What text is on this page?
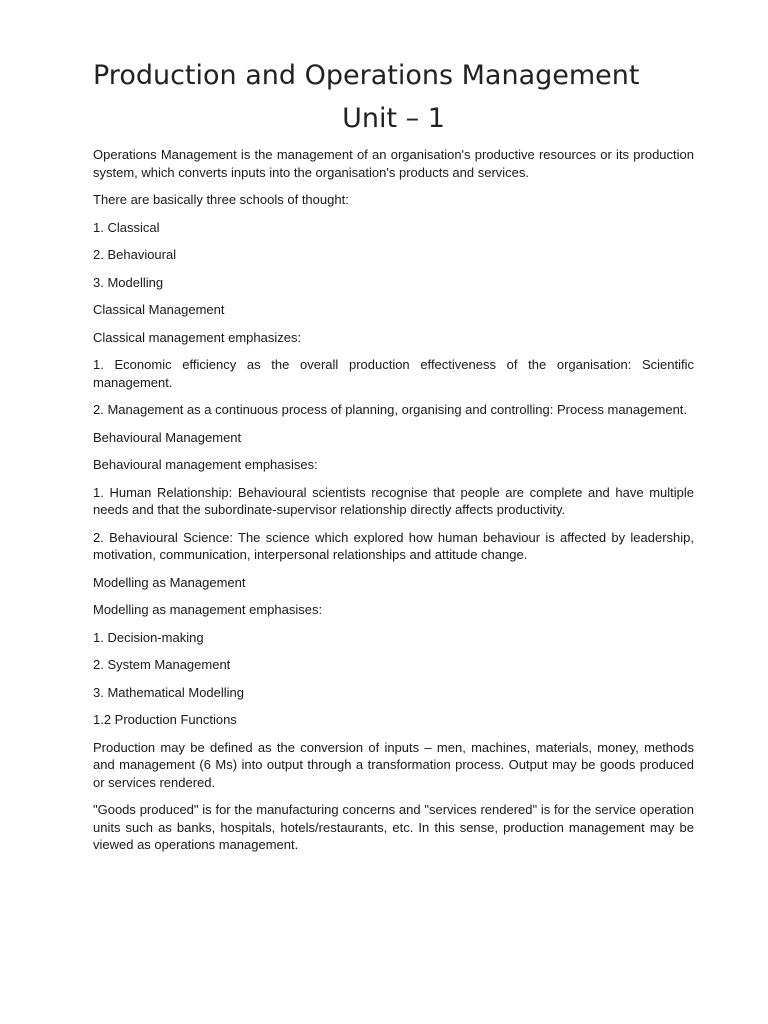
Production and Operations Management
Unit – 1

Operations Management is the management of an organisation's productive resources or its production system, which converts inputs into the organisation's products and services.

There are basically three schools of thought:

1. Classical

2. Behavioural

3. Modelling

Classical Management

Classical management emphasizes:

1. Economic efficiency as the overall production effectiveness of the organisation: Scientific management.

2. Management as a continuous process of planning, organising and controlling: Process management.

Behavioural Management

Behavioural management emphasises:

1. Human Relationship: Behavioural scientists recognise that people are complete and have multiple needs and that the subordinate-supervisor relationship directly affects productivity.

2. Behavioural Science: The science which explored how human behaviour is affected by leadership, motivation, communication, interpersonal relationships and attitude change.

Modelling as Management

Modelling as management emphasises:

1. Decision-making

2. System Management

3. Mathematical Modelling

1.2 Production Functions

Production may be defined as the conversion of inputs – men, machines, materials, money, methods and management (6 Ms) into output through a transformation process. Output may be goods produced or services rendered.

"Goods produced" is for the manufacturing concerns and "services rendered" is for the service operation units such as banks, hospitals, hotels/restaurants, etc. In this sense, production management may be viewed as operations management.
